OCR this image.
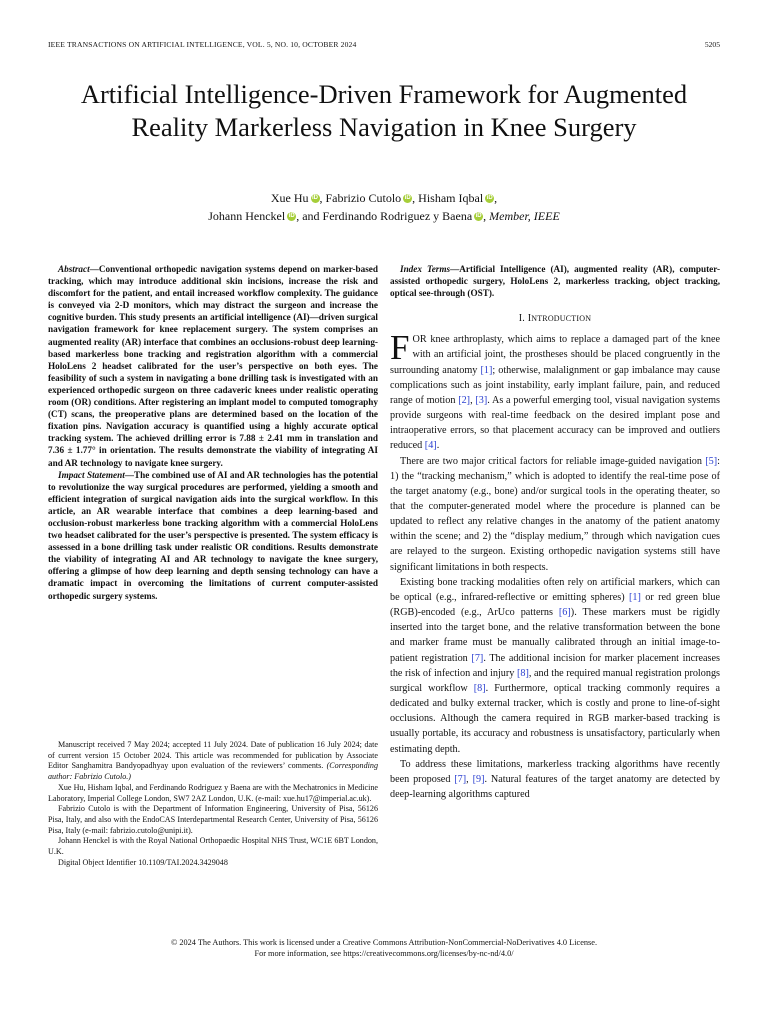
IEEE TRANSACTIONS ON ARTIFICIAL INTELLIGENCE, VOL. 5, NO. 10, OCTOBER 2024	5205
Artificial Intelligence-Driven Framework for Augmented Reality Markerless Navigation in Knee Surgery
Xue Hu iD , Fabrizio Cutolo iD , Hisham Iqbal iD ,
Johann Henckel iD , and Ferdinando Rodriguez y Baena iD , Member, IEEE

Abstract—Conventional orthopedic navigation systems depend on marker-based tracking, which may introduce additional skin incisions, increase the risk and discomfort for the patient, and entail increased workflow complexity. The guidance is conveyed via 2-D monitors, which may distract the surgeon and increase the cognitive burden. This study presents an artificial intelligence (AI)—driven surgical navigation framework for knee replacement surgery. The system comprises an augmented reality (AR) interface that combines an occlusions-robust deep learning-based markerless bone tracking and registration algorithm with a commercial HoloLens 2 headset calibrated for the user’s perspective on both eyes. The feasibility of such a system in navigating a bone drilling task is investigated with an experienced orthopedic surgeon on three cadaveric knees under realistic operating room (OR) conditions. After registering an implant model to computed tomography (CT) scans, the preoperative plans are determined based on the location of the fixation pins. Navigation accuracy is quantified using a highly accurate optical tracking system. The achieved drilling error is 7.88 ± 2.41 mm in translation and 7.36 ± 1.77° in orientation. The results demonstrate the viability of integrating AI and AR technology to navigate knee surgery.

Impact Statement—The combined use of AI and AR technologies has the potential to revolutionize the way surgical procedures are performed, yielding a smooth and efficient integration of surgical navigation aids into the surgical workflow. In this article, an AR wearable interface that combines a deep learning-based and occlusion-robust markerless bone tracking algorithm with a commercial HoloLens two headset calibrated for the user’s perspective is presented. The system efficacy is assessed in a bone drilling task under realistic OR conditions. Results demonstrate the viability of integrating AI and AR technology to navigate the knee surgery, offering a glimpse of how deep learning and depth sensing technology can have a dramatic impact in overcoming the limitations of current computer-assisted orthopedic surgery systems.

Manuscript received 7 May 2024; accepted 11 July 2024. Date of publication 16 July 2024; date of current version 15 October 2024. This article was recommended for publication by Associate Editor Sanghamitra Bandyopadhyay upon evaluation of the reviewers’ comments. (Corresponding author: Fabrizio Cutolo.)

Xue Hu, Hisham Iqbal, and Ferdinando Rodriguez y Baena are with the Mechatronics in Medicine Laboratory, Imperial College London, SW7 2AZ London, U.K. (e-mail: xue.hu17@imperial.ac.uk).

Fabrizio Cutolo is with the Department of Information Engineering, University of Pisa, 56126 Pisa, Italy, and also with the EndoCAS Interdepartmental Research Center, University of Pisa, 56126 Pisa, Italy (e-mail: fabrizio.cutolo@unipi.it).

Johann Henckel is with the Royal National Orthopaedic Hospital NHS Trust, WC1E 6BT London, U.K.

Digital Object Identifier 10.1109/TAI.2024.3429048

Index Terms—Artificial Intelligence (AI), augmented reality (AR), computer-assisted orthopedic surgery, HoloLens 2, markerless tracking, object tracking, optical see-through (OST).

I. INTRODUCTION

FOR knee arthroplasty, which aims to replace a damaged part of the knee with an artificial joint, the prostheses should be placed congruently in the surrounding anatomy [1]; otherwise, malalignment or gap imbalance may cause complications such as joint instability, early implant failure, pain, and reduced range of motion [2], [3]. As a powerful emerging tool, visual navigation systems provide surgeons with real-time feedback on the desired implant pose and intraoperative errors, so that placement accuracy can be improved and outliers reduced [4].

There are two major critical factors for reliable image-guided navigation [5]: 1) the “tracking mechanism,” which is adopted to identify the real-time pose of the target anatomy (e.g., bone) and/or surgical tools in the operating theater, so that the computer-generated model where the procedure is planned can be updated to reflect any relative changes in the anatomy of the patient anatomy within the scene; and 2) the “display medium,” through which navigation cues are relayed to the surgeon. Existing orthopedic navigation systems still have significant limitations in both respects.

Existing bone tracking modalities often rely on artificial markers, which can be optical (e.g., infrared-reflective or emitting spheres) [1] or red green blue (RGB)-encoded (e.g., ArUco patterns [6]). These markers must be rigidly inserted into the target bone, and the relative transformation between the bone and marker frame must be manually calibrated through an initial image-to-patient registration [7]. The additional incision for marker placement increases the risk of infection and injury [8], and the required manual registration prolongs surgical workflow [8]. Furthermore, optical tracking commonly requires a dedicated and bulky external tracker, which is costly and prone to line-of-sight occlusions. Although the camera required in RGB marker-based tracking is usually portable, its accuracy and robustness is unsatisfactory, particularly when estimating depth.

To address these limitations, markerless tracking algorithms have recently been proposed [7], [9]. Natural features of the target anatomy are detected by deep-learning algorithms captured

© 2024 The Authors. This work is licensed under a Creative Commons Attribution-NonCommercial-NoDerivatives 4.0 License.
For more information, see https://creativecommons.org/licenses/by-nc-nd/4.0/
